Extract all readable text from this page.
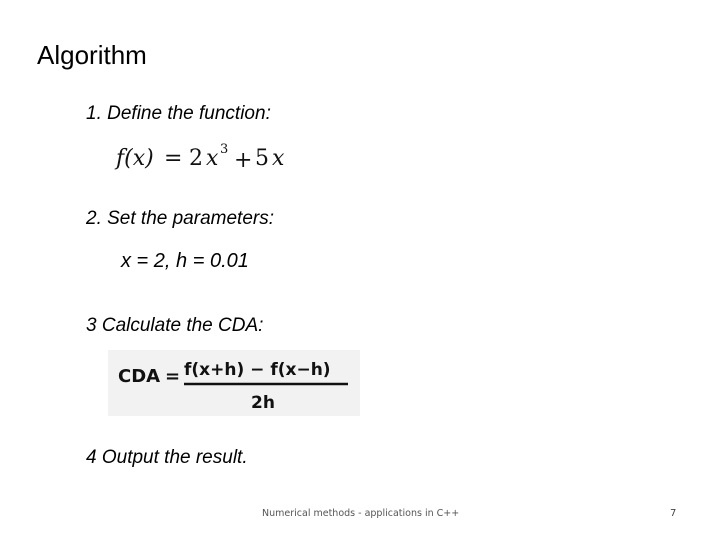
Algorithm
1. Define the function:
f(x) = 2 x 3 + 5 x
2. Set the parameters:
x = 2, h = 0.01
3 Calculate the CDA:
CDA = f(x+h) − f(x−h)
2h
4 Output the result.
Numerical methods - applications in C++	7
